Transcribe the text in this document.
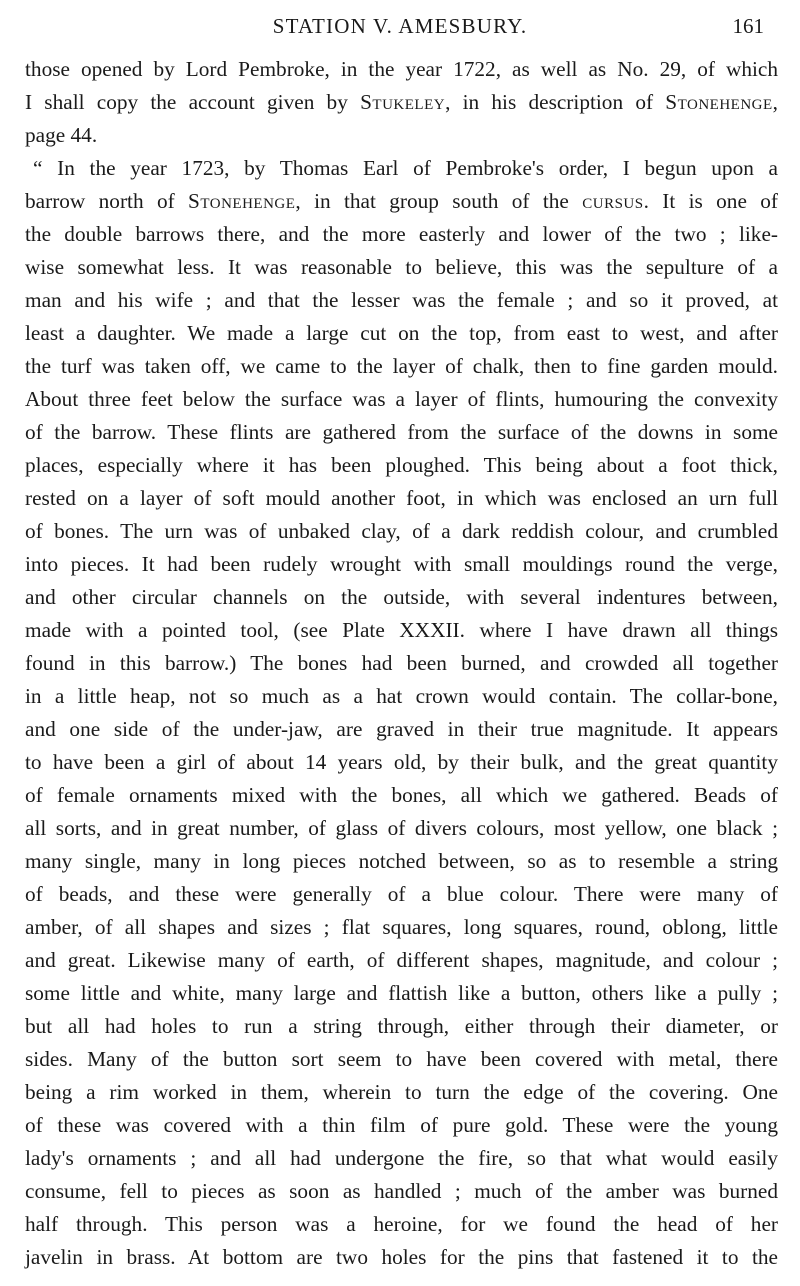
STATION V. AMESBURY.	161
those opened by Lord Pembroke, in the year 1722, as well as No. 29, of which
I shall copy the account given by Stukeley, in his description of Stonehenge,
page 44.
“ In the year 1723, by Thomas Earl of Pembroke's order, I begun upon a
barrow north of Stonehenge, in that group south of the cursus. It is one of
the double barrows there, and the more easterly and lower of the two ; like-
wise somewhat less. It was reasonable to believe, this was the sepulture of a
man and his wife ; and that the lesser was the female ; and so it proved, at
least a daughter. We made a large cut on the top, from east to west, and after
the turf was taken off, we came to the layer of chalk, then to fine garden mould.
About three feet below the surface was a layer of flints, humouring the convexity
of the barrow. These flints are gathered from the surface of the downs in some
places, especially where it has been ploughed. This being about a foot thick,
rested on a layer of soft mould another foot, in which was enclosed an urn full
of bones. The urn was of unbaked clay, of a dark reddish colour, and crumbled
into pieces. It had been rudely wrought with small mouldings round the verge,
and other circular channels on the outside, with several indentures between,
made with a pointed tool, (see Plate XXXII. where I have drawn all things
found in this barrow.) The bones had been burned, and crowded all together
in a little heap, not so much as a hat crown would contain. The collar-bone,
and one side of the under-jaw, are graved in their true magnitude. It appears
to have been a girl of about 14 years old, by their bulk, and the great quantity
of female ornaments mixed with the bones, all which we gathered. Beads of
all sorts, and in great number, of glass of divers colours, most yellow, one black ;
many single, many in long pieces notched between, so as to resemble a string
of beads, and these were generally of a blue colour. There were many of
amber, of all shapes and sizes ; flat squares, long squares, round, oblong, little
and great. Likewise many of earth, of different shapes, magnitude, and colour ;
some little and white, many large and flattish like a button, others like a pully ;
but all had holes to run a string through, either through their diameter, or
sides. Many of the button sort seem to have been covered with metal, there
being a rim worked in them, wherein to turn the edge of the covering. One
of these was covered with a thin film of pure gold. These were the young
lady's ornaments ; and all had undergone the fire, so that what would easily
consume, fell to pieces as soon as handled ; much of the amber was burned
half through. This person was a heroine, for we found the head of her
javelin in brass. At bottom are two holes for the pins that fastened it to the
